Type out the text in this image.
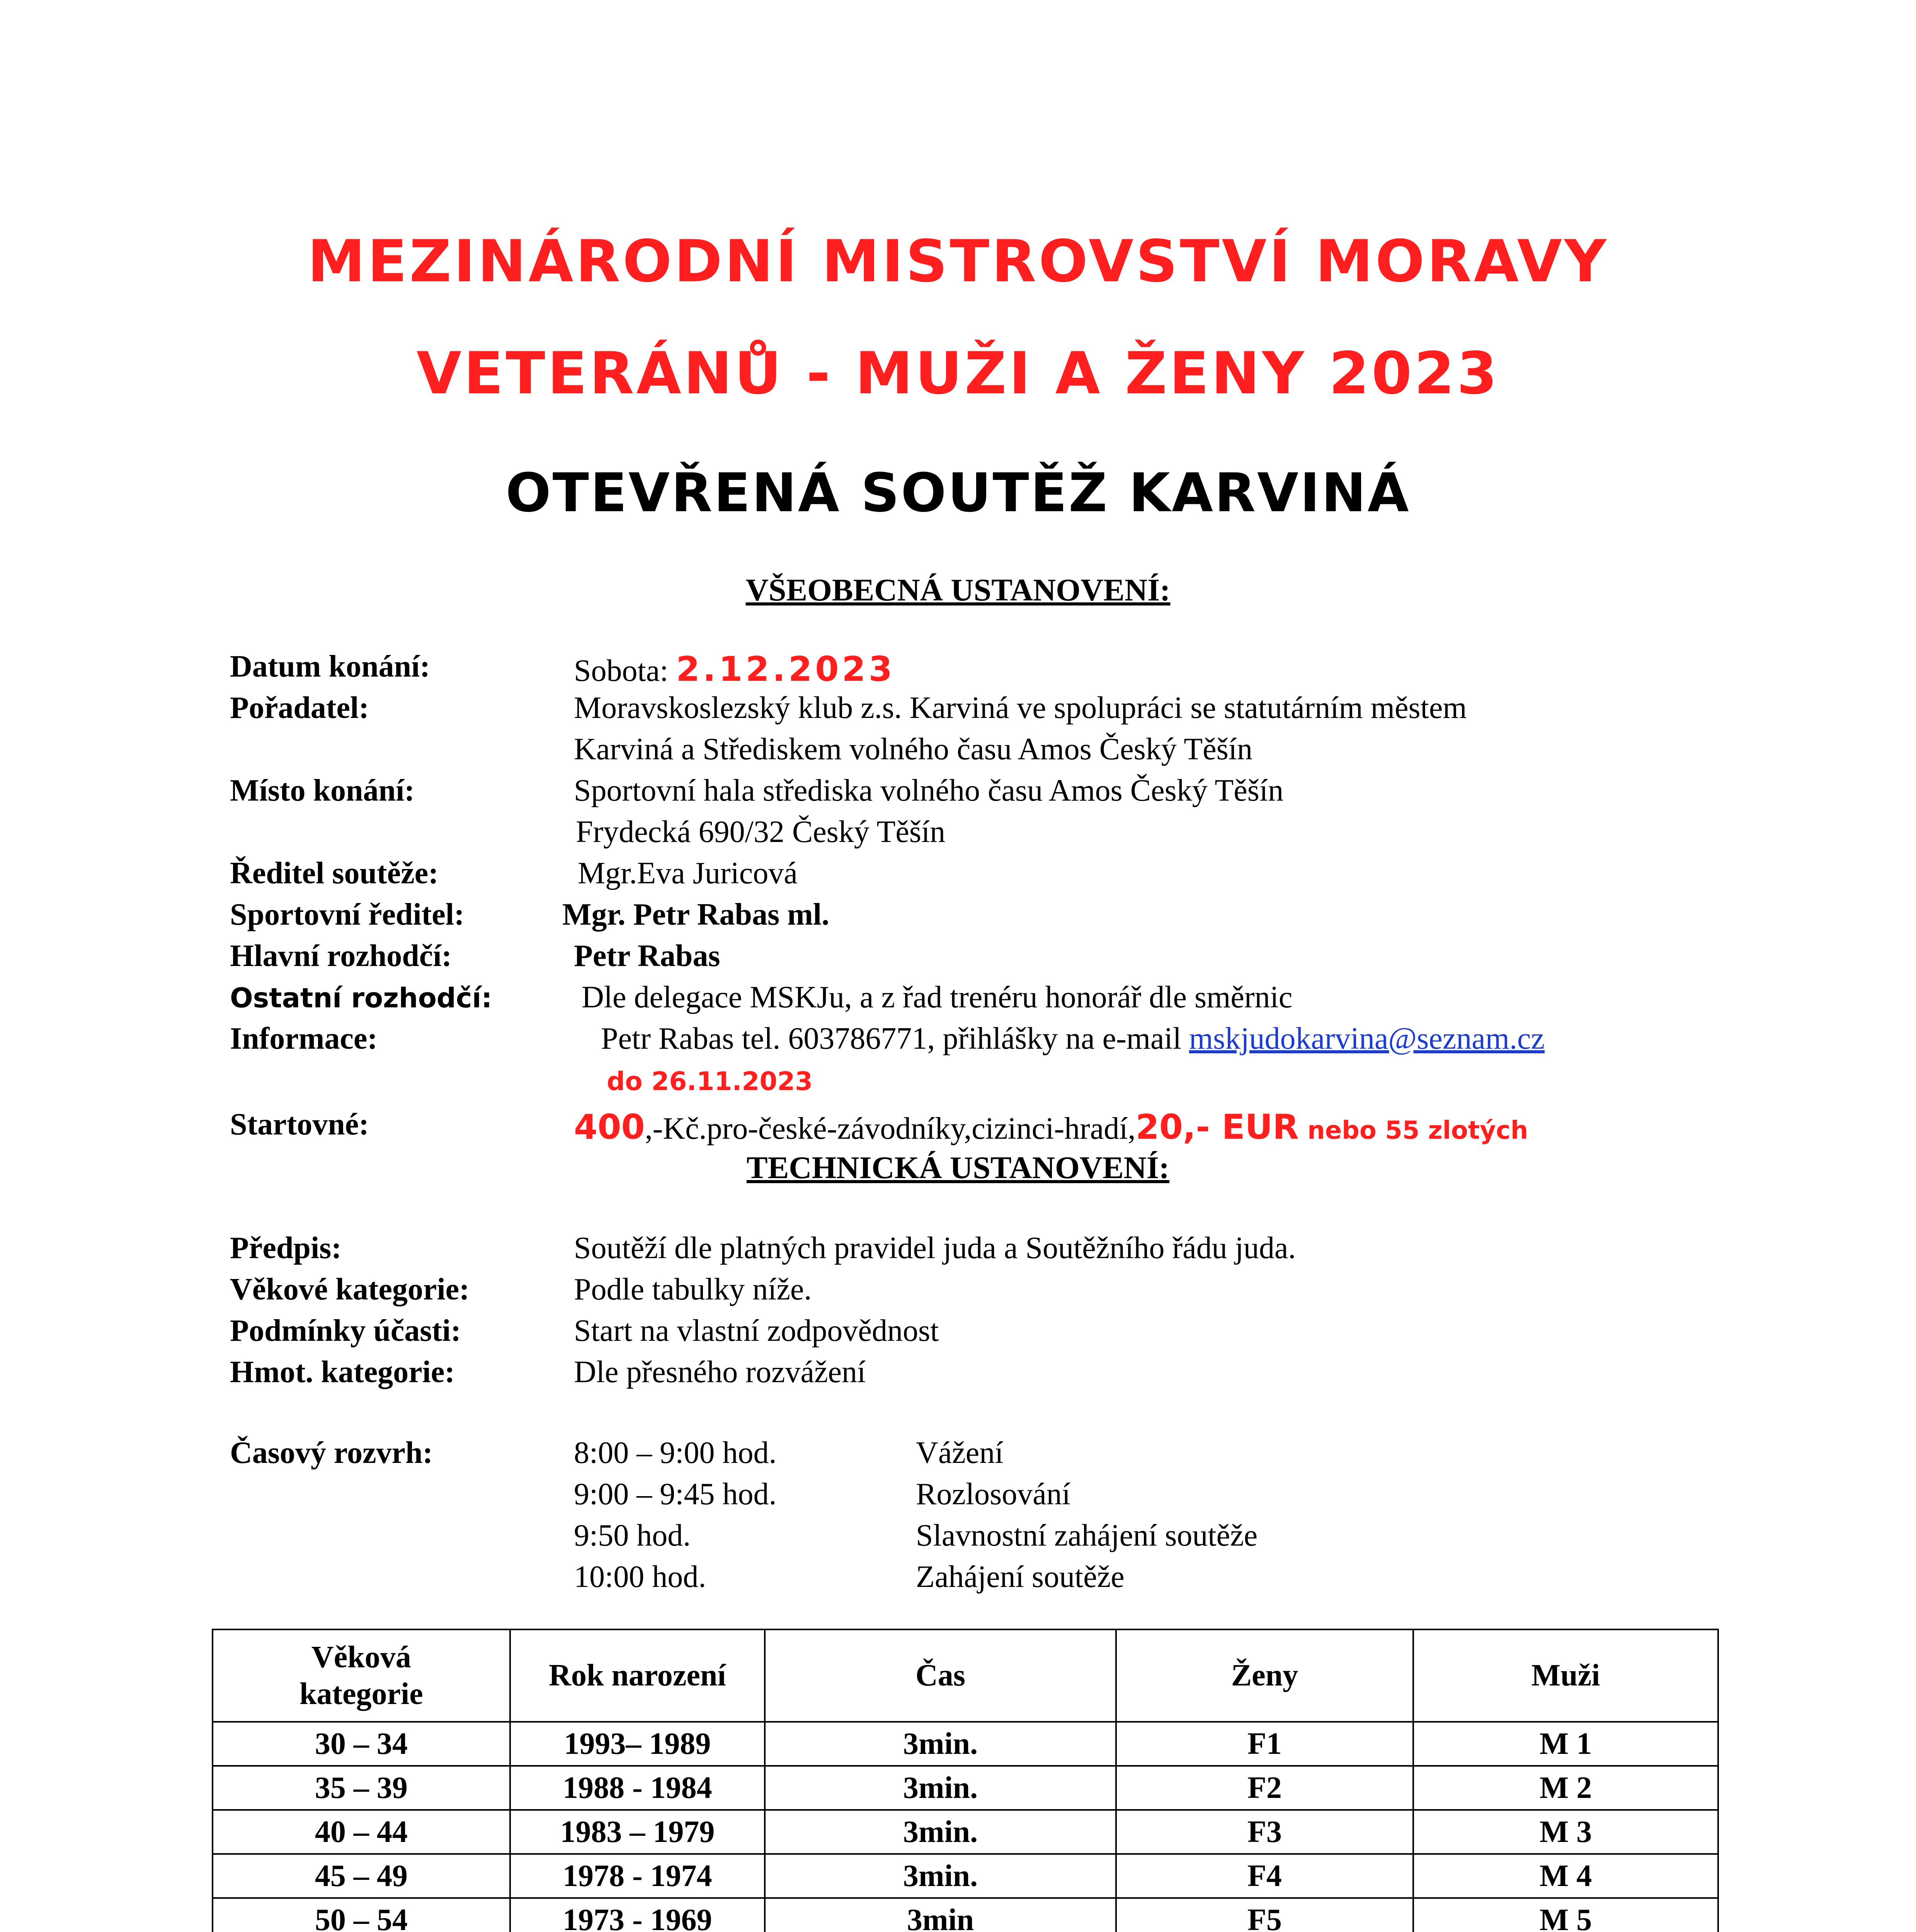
MEZINÁRODNÍ MISTROVSTVÍ MORAVY
VETERÁNŮ - MUŽI A ŽENY 2023
OTEVŘENÁ SOUTĚŽ KARVINÁ
VŠEOBECNÁ USTANOVENÍ:
Datum konání:	Sobota: 2.12.2023
Pořadatel:	Moravskoslezský klub z.s. Karviná ve spolupráci se statutárním městem
Karviná a Střediskem volného času Amos Český Těšín
Místo konání:	Sportovní hala střediska volného času Amos Český Těšín
Frydecká 690/32 Český Těšín
Ředitel soutěže:	Mgr.Eva Juricová
Sportovní ředitel:	Mgr. Petr Rabas ml.
Hlavní rozhodčí:	Petr Rabas
Ostatní rozhodčí:	Dle delegace MSKJu, a z řad trenéru honorář dle směrnic
Informace:	Petr Rabas tel. 603786771, přihlášky na e-mail mskjudokarvina@seznam.cz
do 26.11.2023
Startovné:	400,-Kč.pro-české-závodníky,cizinci-hradí,20,- EUR nebo 55 zlotých
TECHNICKÁ USTANOVENÍ:
Předpis:	Soutěží dle platných pravidel juda a Soutěžního řádu juda.
Věkové kategorie:	Podle tabulky níže.
Podmínky účasti:	Start na vlastní zodpovědnost
Hmot. kategorie:	Dle přesného rozvážení
Časový rozvrh:	8:00 – 9:00 hod.	Vážení
9:00 – 9:45 hod.	Rozlosování
9:50 hod.	Slavnostní zahájení soutěže
10:00 hod.	Zahájení soutěže
Věková kategorie	Rok narození	Čas	Ženy	Muži
30 – 34	1993– 1989	3min.	F1	M 1
35 – 39	1988 - 1984	3min.	F2	M 2
40 – 44	1983 – 1979	3min.	F3	M 3
45 – 49	1978 - 1974	3min.	F4	M 4
50 – 54	1973 - 1969	3min	F5	M 5
